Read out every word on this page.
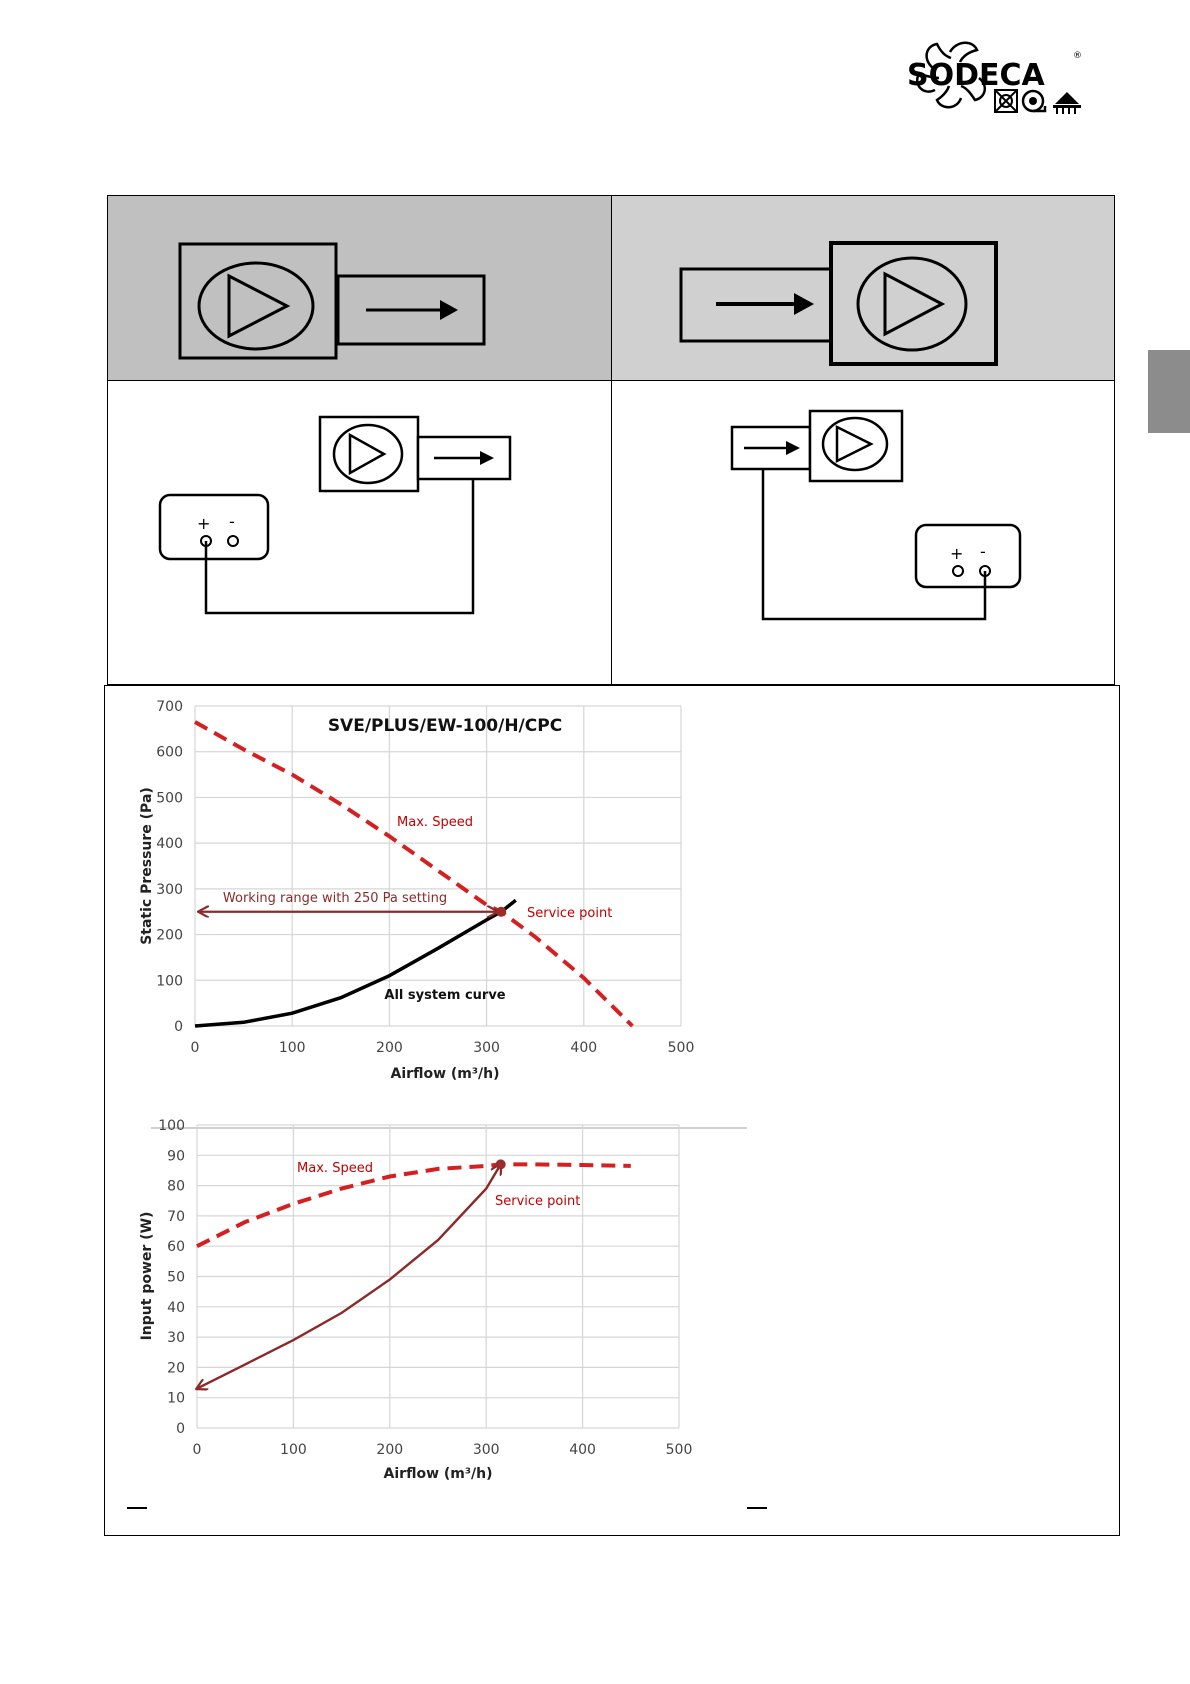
SODECA
®
+ -
+ -
0
100
200
300
400
500
600
700
0	100	200	300	400	500
SVE/PLUS/EW-100/H/CPC
Airflow (m³/h)
Static Pressure (Pa)	Max. Speed
Working range with 250 Pa setting
Service point
All system curve
0
10
20
30
40
50
60
70
80
90
100
0	100	200	300	400	500
Airflow (m³/h)
Input power (W)
Max. Speed
Service point
